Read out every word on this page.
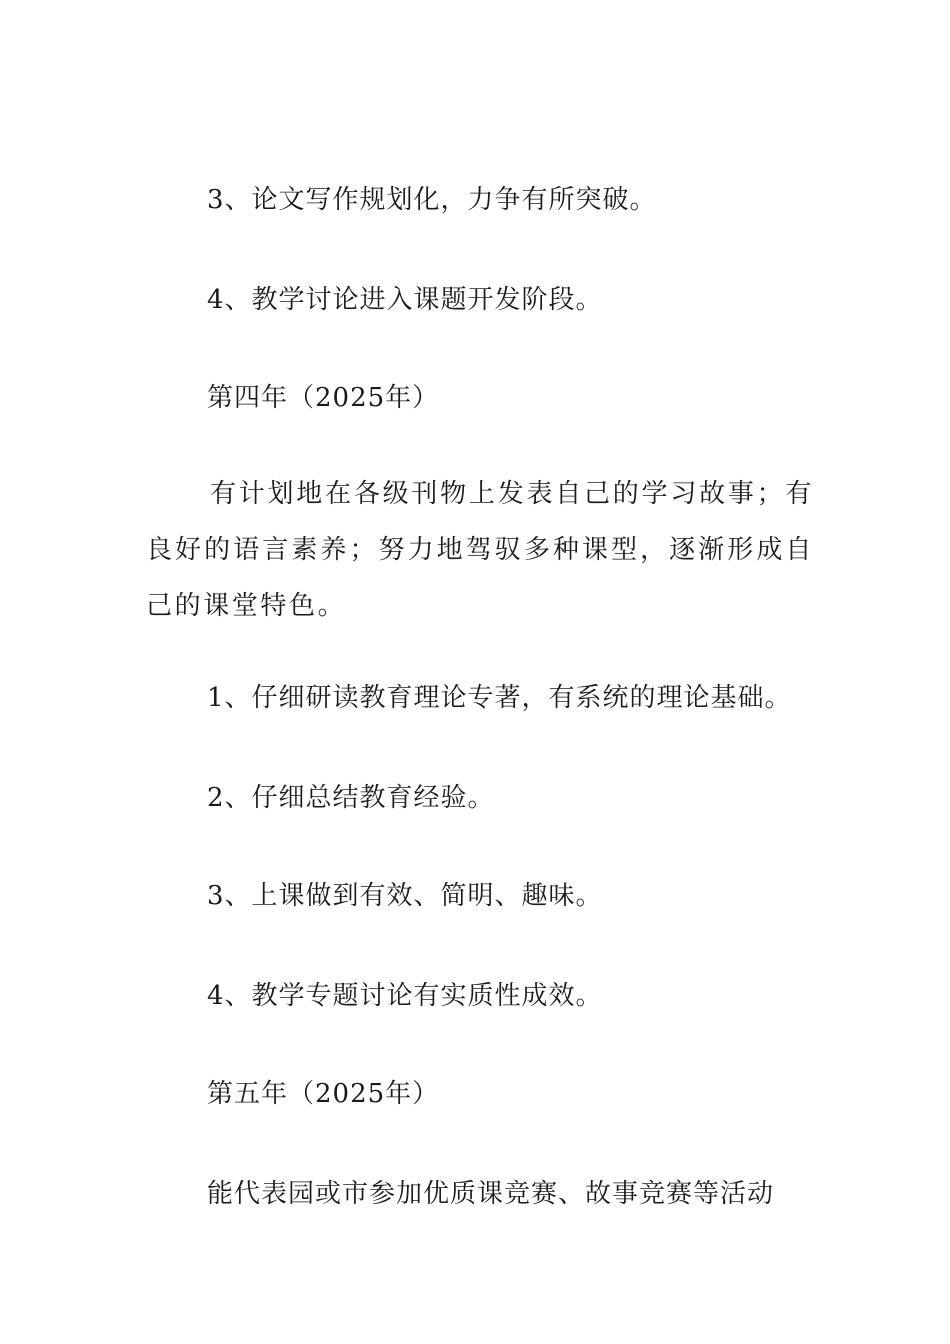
3、论文写作规划化，力争有所突破。
4、教学讨论进入课题开发阶段。
第四年（2025年）
有计划地在各级刊物上发表自己的学习故事；有良好的语言素养；努力地驾驭多种课型，逐渐形成自己的课堂特色。
1、仔细研读教育理论专著，有系统的理论基础。
2、仔细总结教育经验。
3、上课做到有效、简明、趣味。
4、教学专题讨论有实质性成效。
第五年（2025年）
能代表园或市参加优质课竞赛、故事竞赛等活动
